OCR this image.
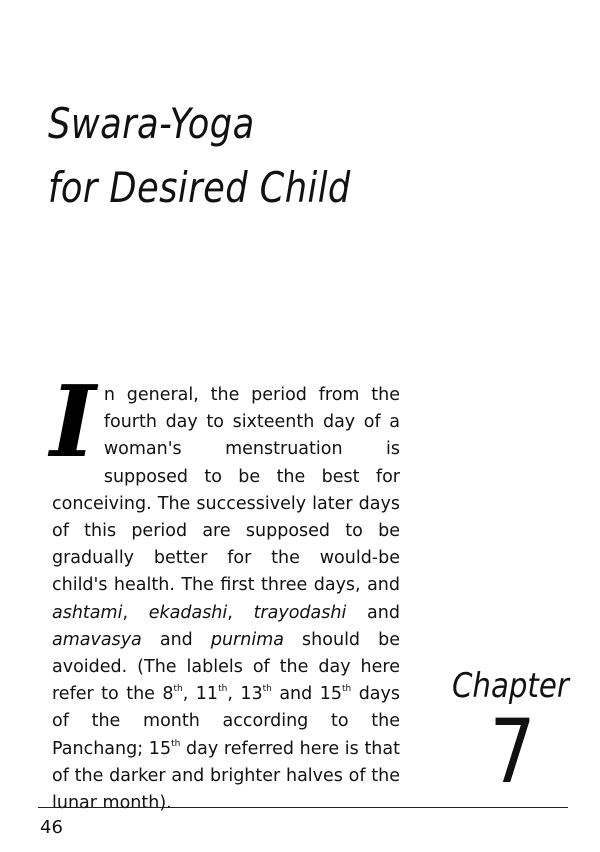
Swara-Yoga
for Desired Child

In general, the period from the fourth day to sixteenth day of a woman's menstruation is supposed to be the best for conceiving. The successively later days of this period are supposed to be gradually better for the would-be child's health. The first three days, and ashtami, ekadashi, trayodashi and amavasya and purnima should be avoided. (The lablels of the day here refer to the 8th, 11th, 13th and 15th days of the month according to the Panchang; 15th day referred here is that of the darker and brighter halves of the lunar month).

Chapter
7
46
